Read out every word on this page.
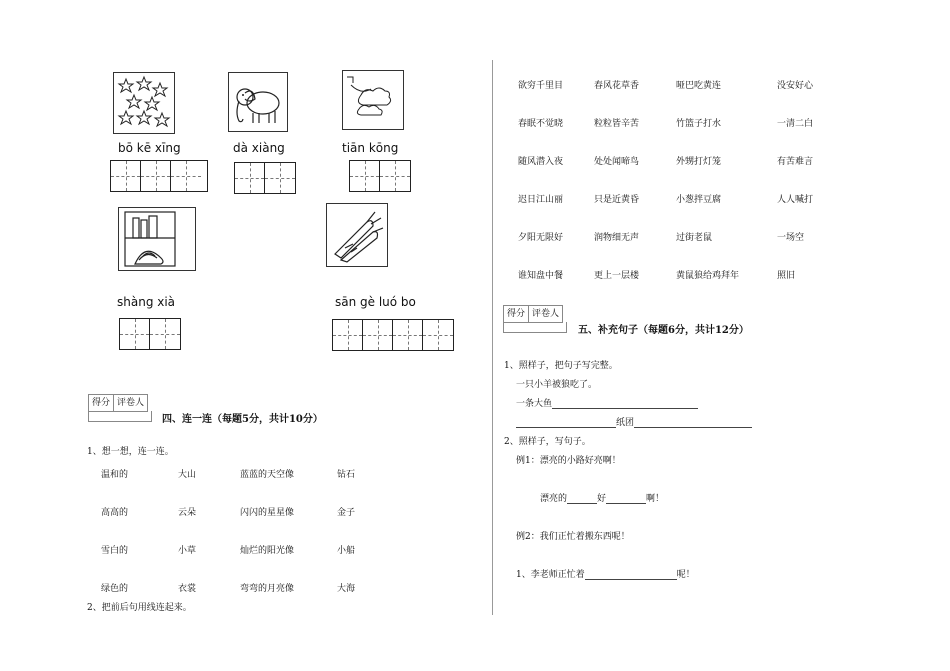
bō kē xīng	dà xiàng	tiān kōng
shàng xià	sān gè luó bo
得分 评卷人
四、连一连（每题5分，共计10分）
1、想一想，连一连。
温和的	大山	蓝蓝的天空像	钻石
高高的	云朵	闪闪的星星像	金子
雪白的	小草	灿烂的阳光像	小船
绿色的	衣裳	弯弯的月亮像	大海
2、把前后句用线连起来。
欲穷千里目	春风花草香	哑巴吃黄连	没安好心
春眠不觉晓	粒粒皆辛苦	竹篮子打水	一清二白
随风潜入夜	处处闻啼鸟	外甥打灯笼	有苦难言
迟日江山丽	只是近黄昏	小葱拌豆腐	人人喊打
夕阳无限好	润物细无声	过街老鼠	一场空
谁知盘中餐	更上一层楼	黄鼠狼给鸡拜年	照旧
得分 评卷人
五、补充句子（每题6分，共计12分）
1、照样子，把句子写完整。
一只小羊被狼吃了。
一条大鱼
纸团
2、照样子，写句子。
例1：漂亮的小路好亮啊！
漂亮的	好	啊！
例2：我们正忙着搬东西呢！
1、李老师正忙着	呢！
